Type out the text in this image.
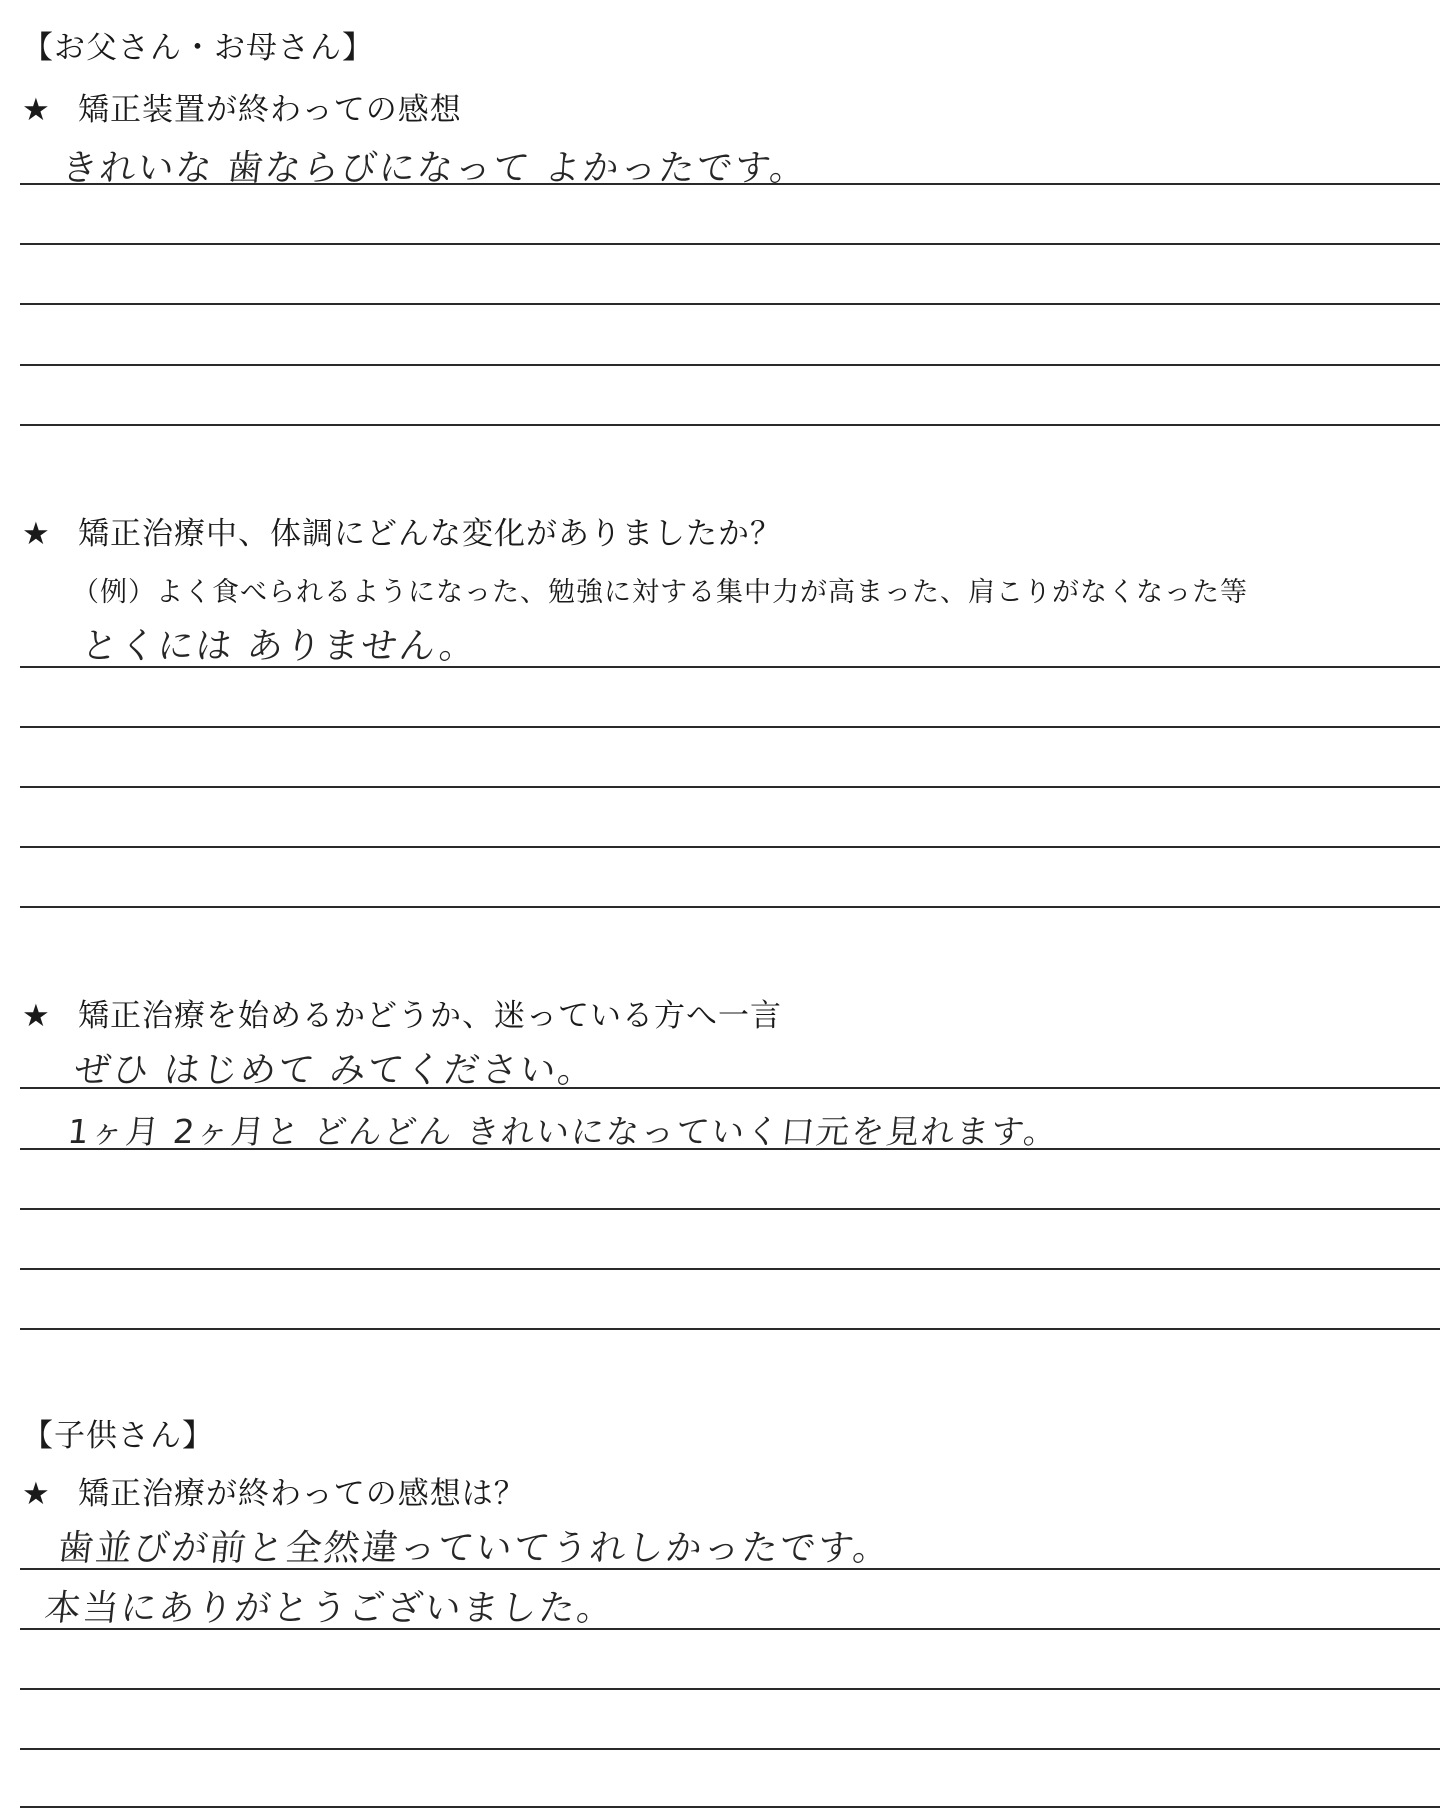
【お父さん・お母さん】
★ 矯正装置が終わっての感想
きれいな 歯ならびになって よかったです。
★ 矯正治療中、体調にどんな変化がありましたか？
（例）よく食べられるようになった、勉強に対する集中力が高まった、肩こりがなくなった等
とくには ありません。
★ 矯正治療を始めるかどうか、迷っている方へ一言
ぜひ はじめて みてください。
1ヶ月 2ヶ月と どんどん きれいになっていく口元を見れます。
【子供さん】
★ 矯正治療が終わっての感想は？
歯並びが前と全然違っていてうれしかったです。
本当にありがとうございました。
